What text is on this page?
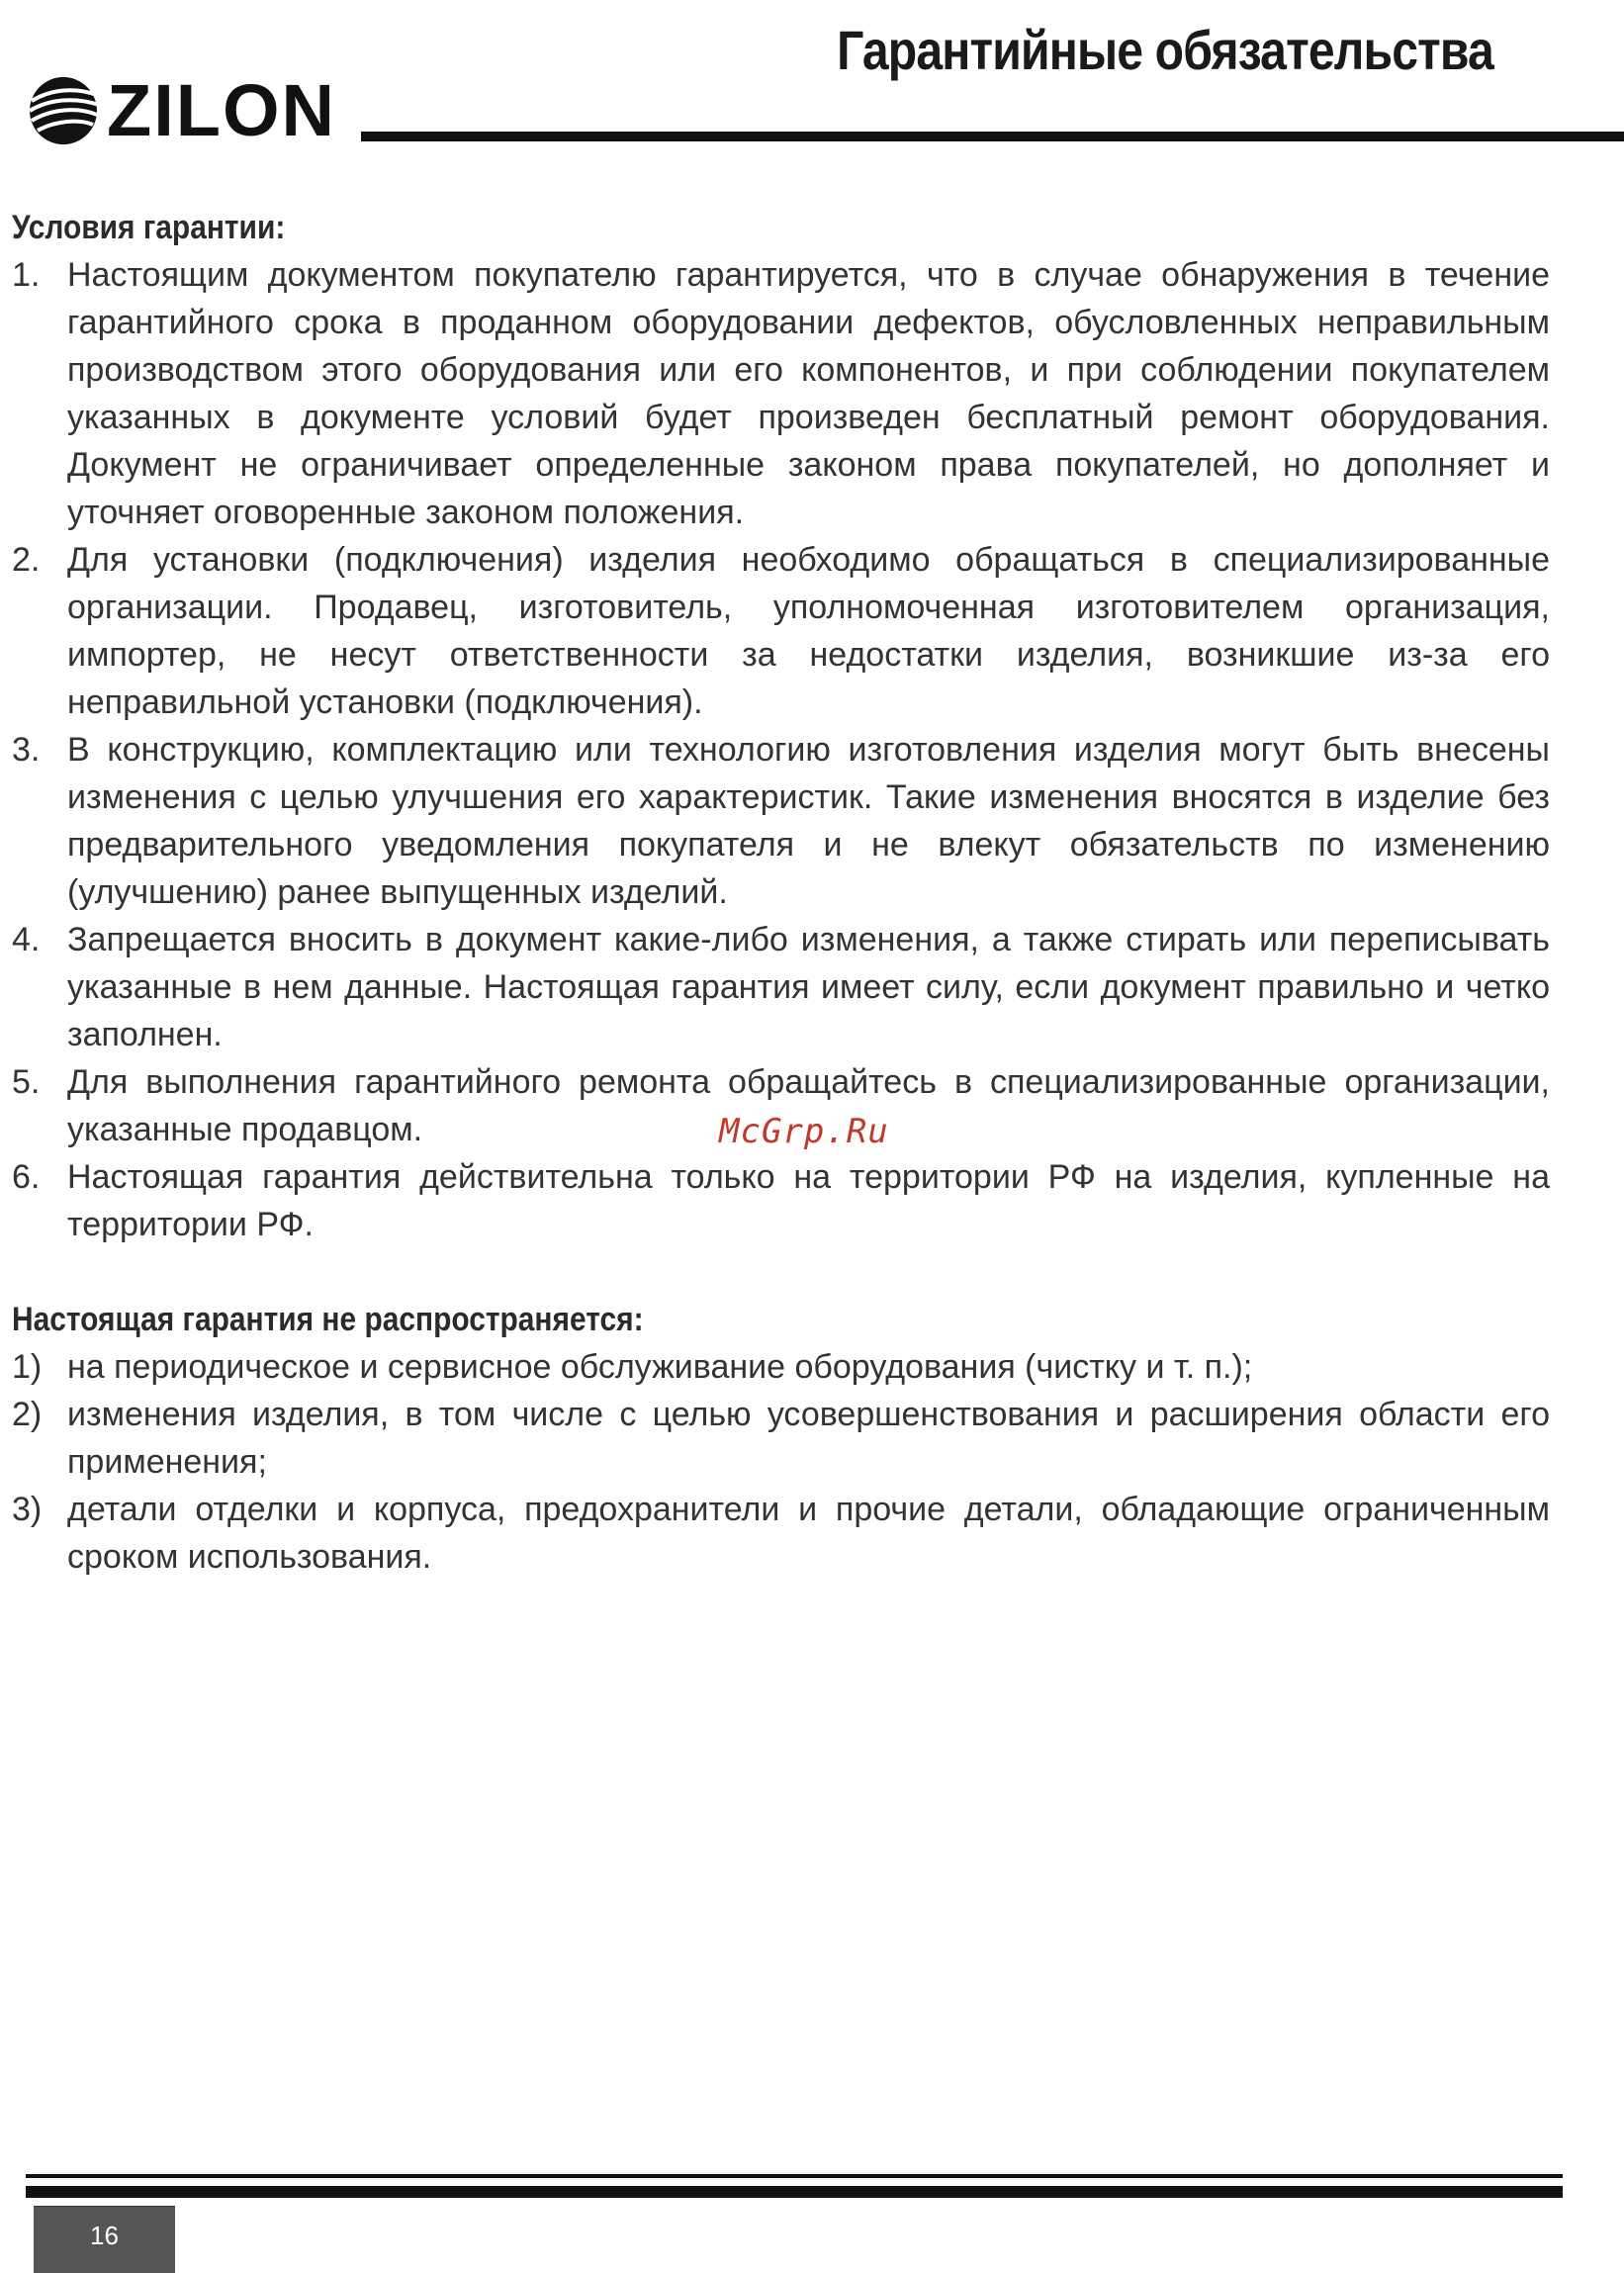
Гарантийные обязательства
ZILON
Условия гарантии:
1. Настоящим документом покупателю гарантируется, что в случае обнаружения в течение гарантийного срока в проданном оборудовании дефектов, обусловленных неправильным производством этого оборудования или его компонентов, и при соблюдении покупателем указанных в документе условий будет произведен бесплатный ремонт оборудования. Документ не ограничивает определенные законом права покупателей, но дополняет и уточняет оговоренные законом положения.
2. Для установки (подключения) изделия необходимо обращаться в специализированные организации. Продавец, изготовитель, уполномоченная изготовителем организация, импортер, не несут ответственности за недостатки изделия, возникшие из-за его неправильной установки (подключения).
3. В конструкцию, комплектацию или технологию изготовления изделия могут быть внесены изменения с целью улучшения его характеристик. Такие изменения вносятся в изделие без предварительного уведомления покупателя и не влекут обязательств по изменению (улучшению) ранее выпущенных изделий.
4. Запрещается вносить в документ какие-либо изменения, а также стирать или переписывать указанные в нем данные. Настоящая гарантия имеет силу, если документ правильно и четко заполнен.
5. Для выполнения гарантийного ремонта обращайтесь в специализированные организации, указанные продавцом.
6. Настоящая гарантия действительна только на территории РФ на изделия, купленные на территории РФ.
Настоящая гарантия не распространяется:
1) на периодическое и сервисное обслуживание оборудования (чистку и т. п.);
2) изменения изделия, в том числе с целью усовершенствования и расширения области его применения;
3) детали отделки и корпуса, предохранители и прочие детали, обладающие ограниченным сроком использования.
McGrp.Ru
16
